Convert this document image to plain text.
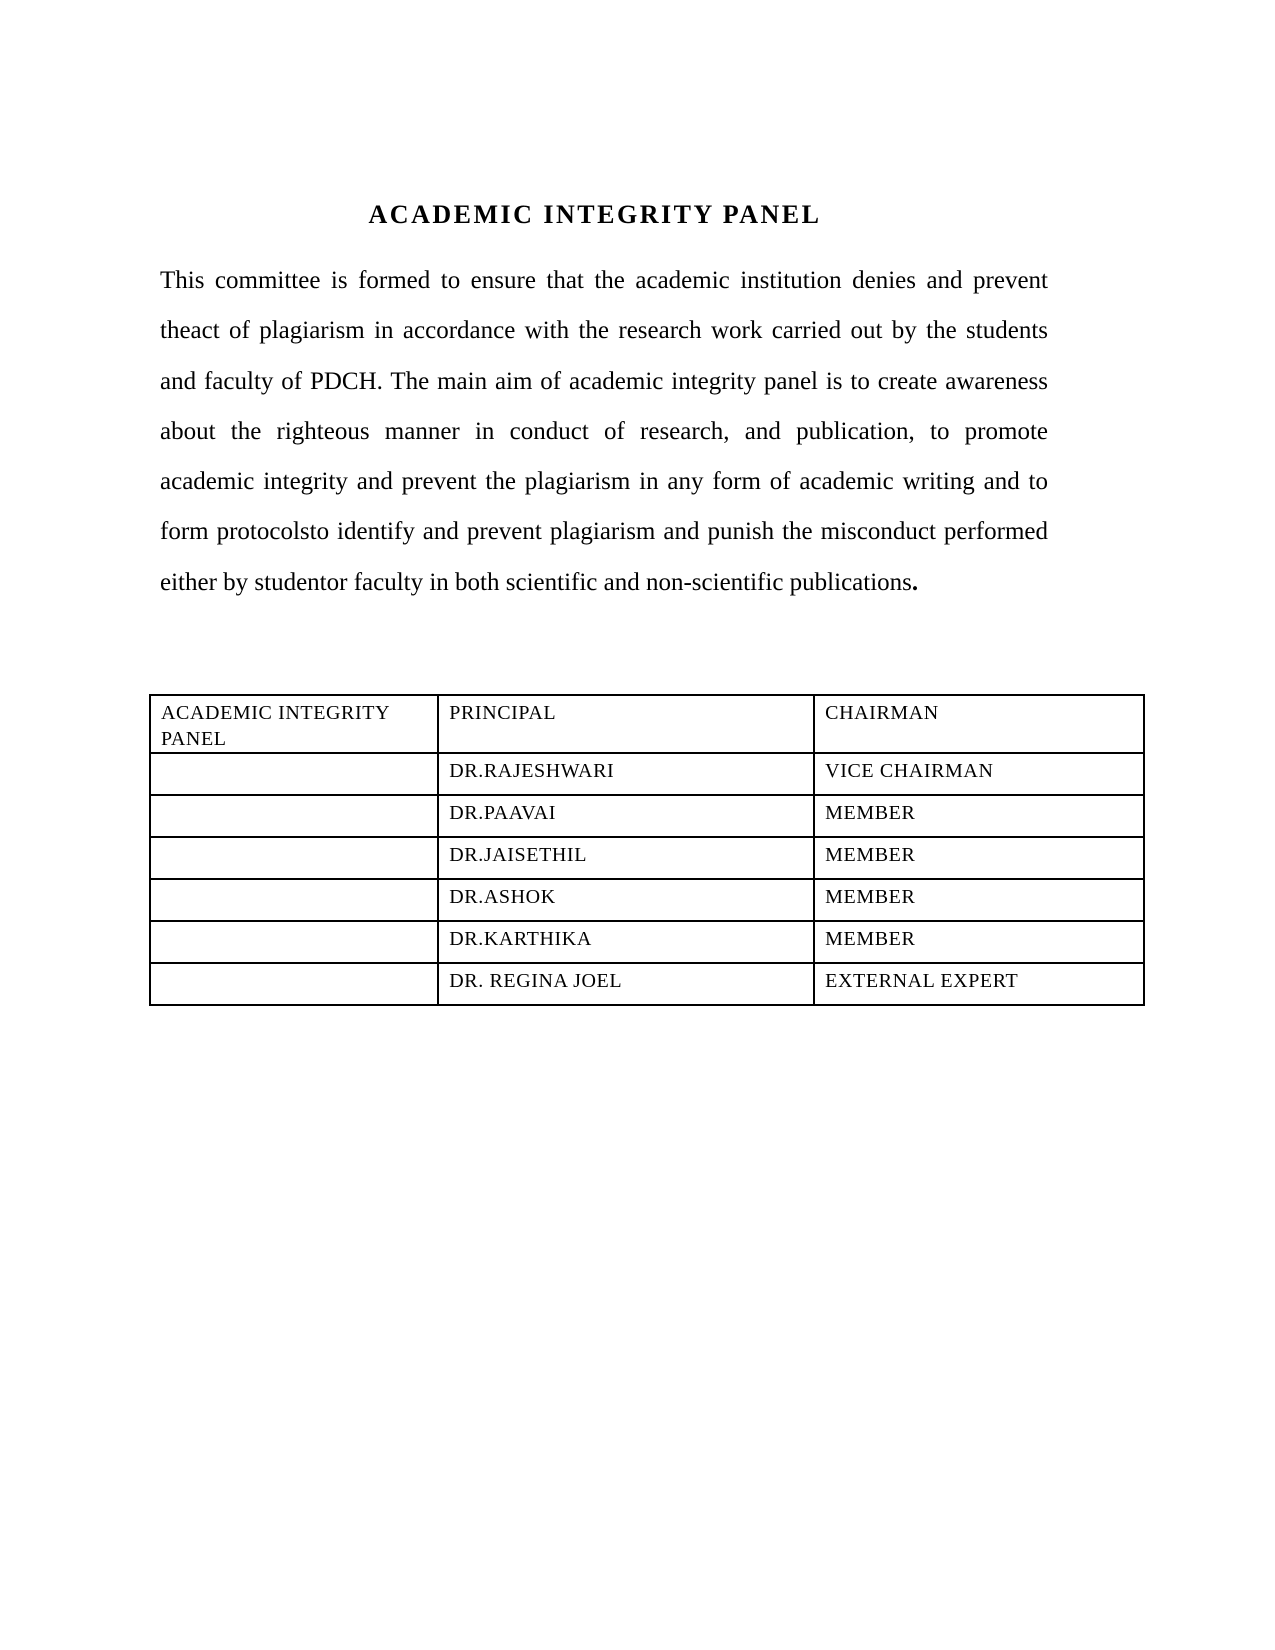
ACADEMIC INTEGRITY PANEL
This committee is formed to ensure that the academic institution denies and prevent theact of plagiarism in accordance with the research work carried out by the students and faculty of PDCH. The main aim of academic integrity panel is to create awareness about the righteous manner in conduct of research, and publication, to promote academic integrity and prevent the plagiarism in any form of academic writing and to form protocolsto identify and prevent plagiarism and punish the misconduct performed either by studentor faculty in both scientific and non-scientific publications.
ACADEMIC INTEGRITY PANEL	PRINCIPAL	CHAIRMAN
	DR.RAJESHWARI	VICE CHAIRMAN
	DR.PAAVAI	MEMBER
	DR.JAISETHIL	MEMBER
	DR.ASHOK	MEMBER
	DR.KARTHIKA	MEMBER
	DR. REGINA JOEL	EXTERNAL EXPERT
